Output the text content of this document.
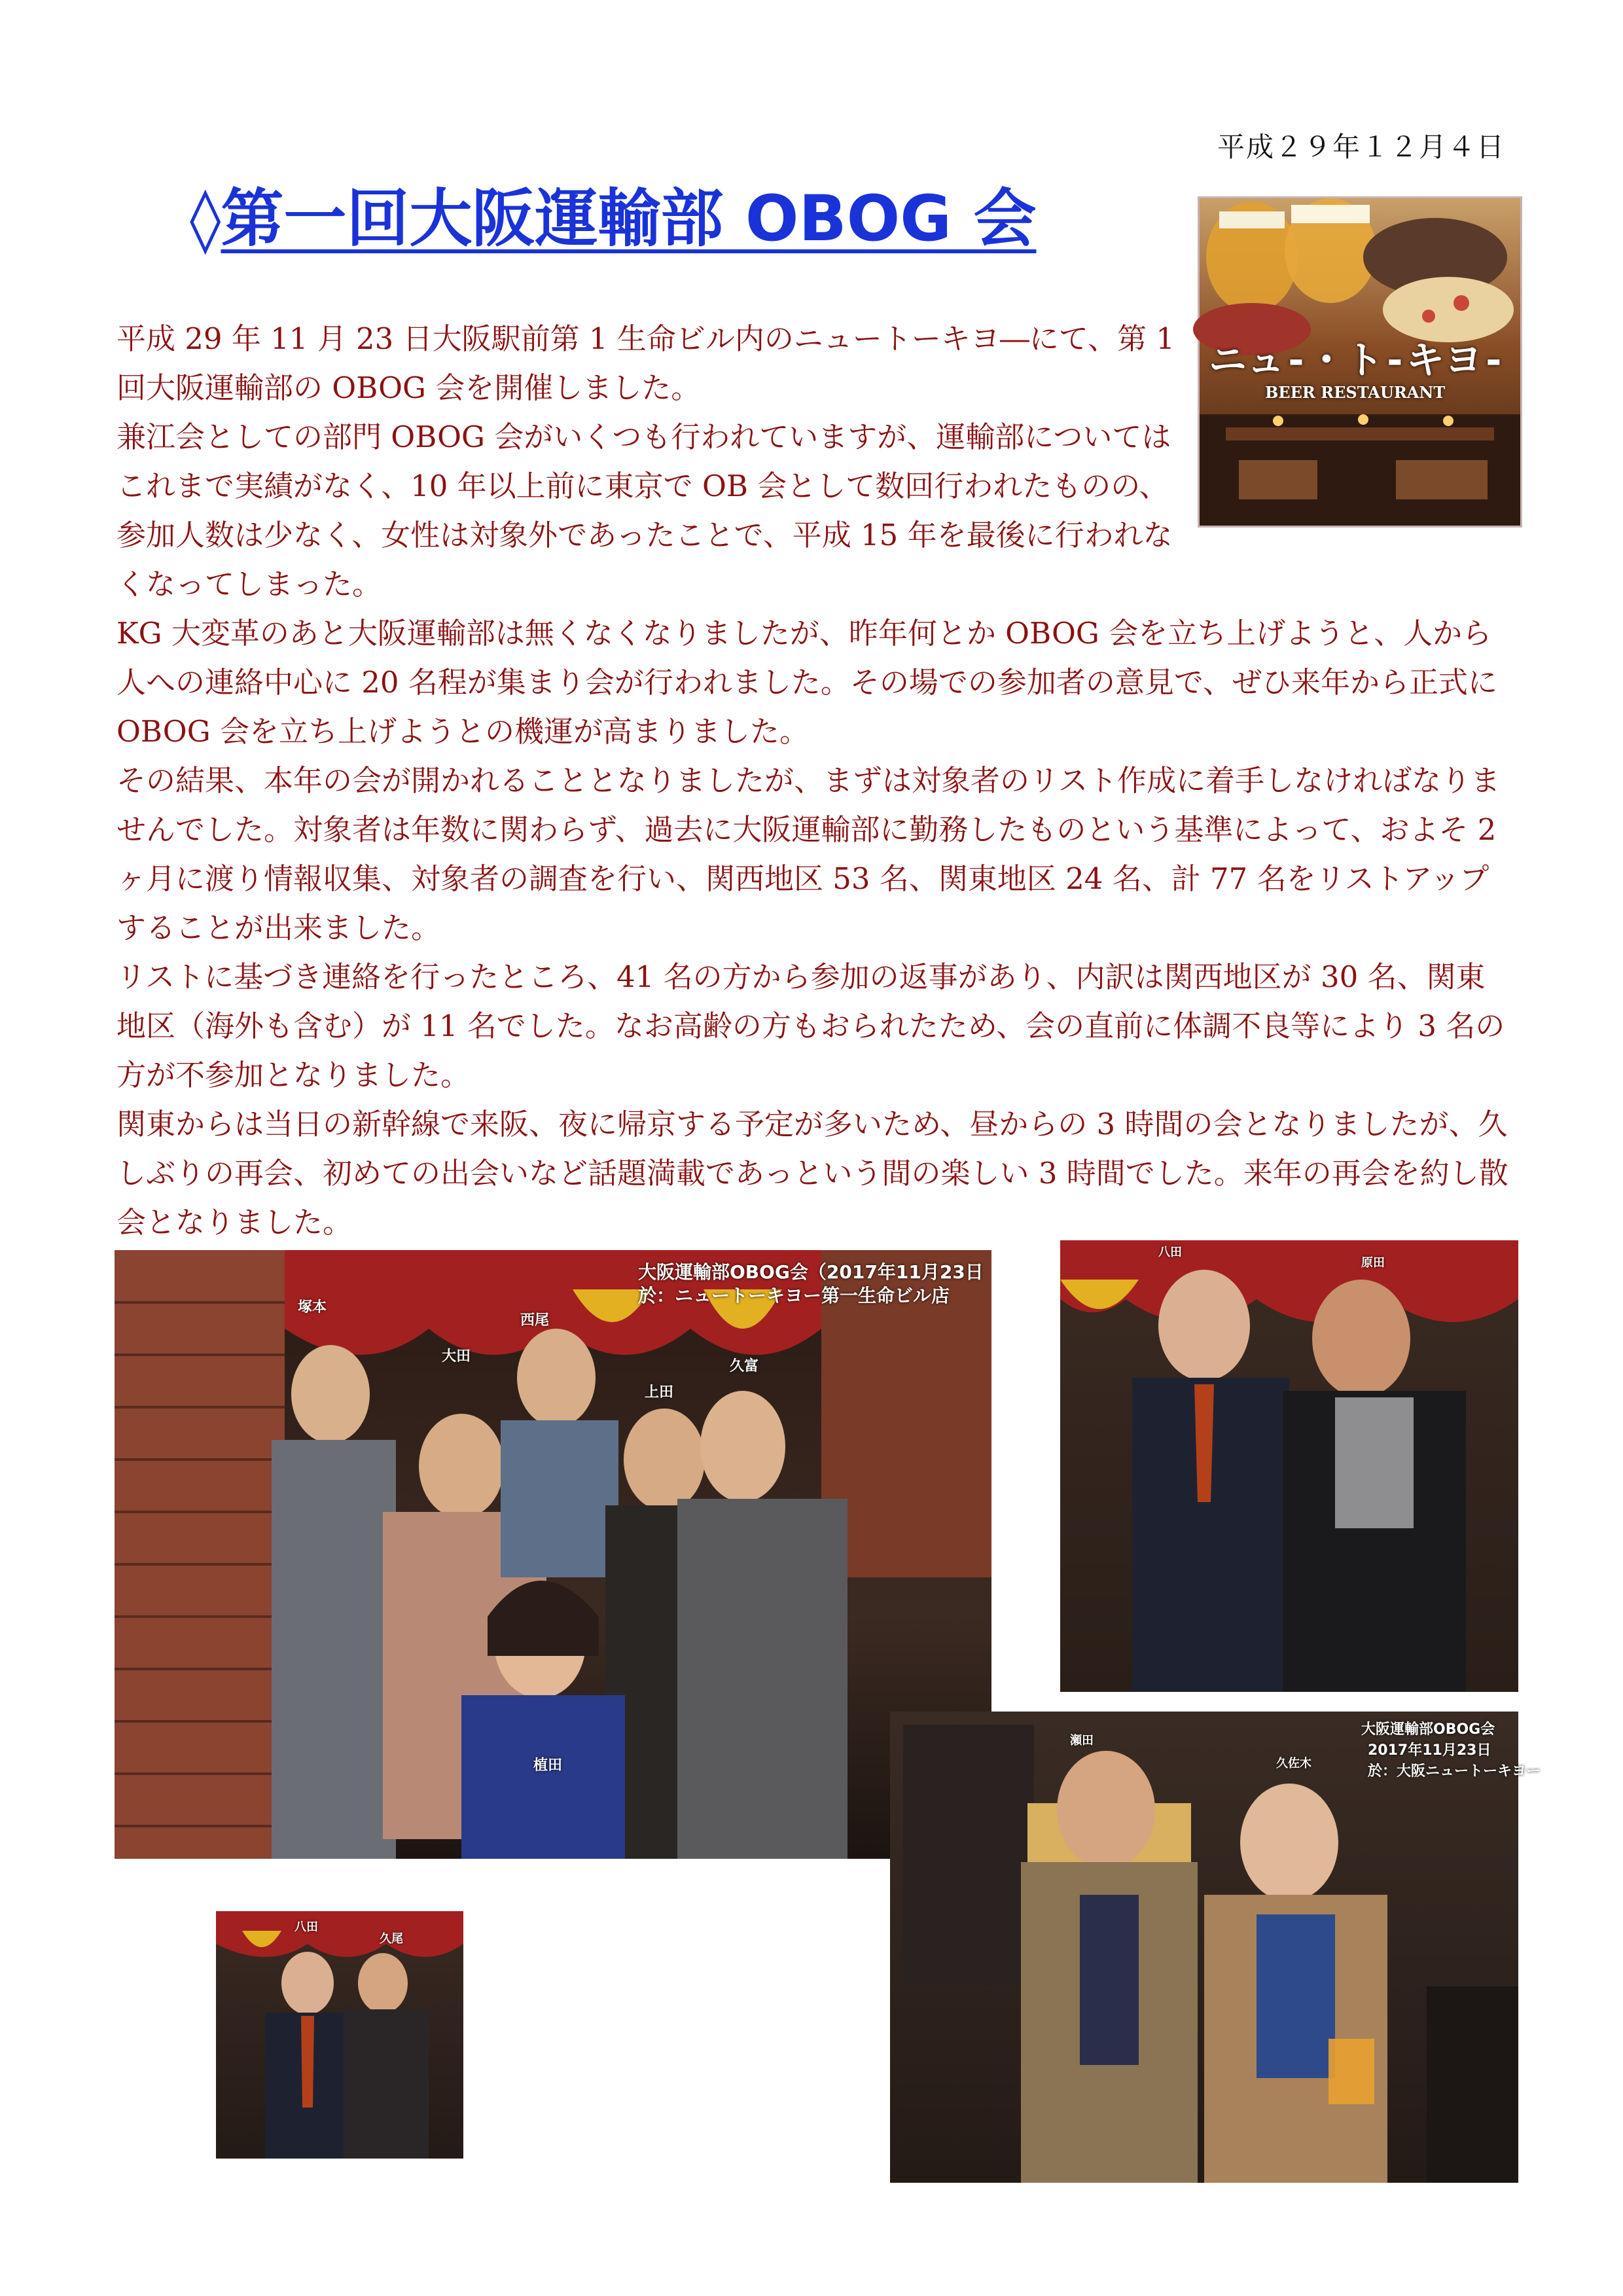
平成２９年１２月４日
◊第一回大阪運輸部 OBOG 会
ニュ-・ト-キヨ-
BEER RESTAURANT

平成 29 年 11 月 23 日大阪駅前第 1 生命ビル内のニュートーキヨ―にて、第 1 回大阪運輸部の OBOG 会を開催しました。

兼江会としての部門 OBOG 会がいくつも行われていますが、運輸部についてはこれまで実績がなく、10 年以上前に東京で OB 会として数回行われたものの、参加人数は少なく、女性は対象外であったことで、平成 15 年を最後に行われなくなってしまった。

KG 大変革のあと大阪運輸部は無くなくなりましたが、昨年何とか OBOG 会を立ち上げようと、人から人への連絡中心に 20 名程が集まり会が行われました。その場での参加者の意見で、ぜひ来年から正式に OBOG 会を立ち上げようとの機運が高まりました。

その結果、本年の会が開かれることとなりましたが、まずは対象者のリスト作成に着手しなければなりませんでした。対象者は年数に関わらず、過去に大阪運輸部に勤務したものという基準によって、およそ 2 ヶ月に渡り情報収集、対象者の調査を行い、関西地区 53 名、関東地区 24 名、計 77 名をリストアップすることが出来ました。

リストに基づき連絡を行ったところ、41 名の方から参加の返事があり、内訳は関西地区が 30 名、関東地区（海外も含む）が 11 名でした。なお高齢の方もおられたため、会の直前に体調不良等により 3 名の方が不参加となりました。

関東からは当日の新幹線で来阪、夜に帰京する予定が多いため、昼からの 3 時間の会となりましたが、久しぶりの再会、初めての出会いなど話題満載であっという間の楽しい 3 時間でした。来年の再会を約し散会となりました。

大阪運輸部OBOG会（2017年11月23日
於：ニュートーキヨー第一生命ビル店
塚本
西尾
大田
久富
上田
植田
八田
原田
大阪運輸部OBOG会
2017年11月23日
於：大阪ニュートーキヨー
瀬田
久佐木
八田
久尾
